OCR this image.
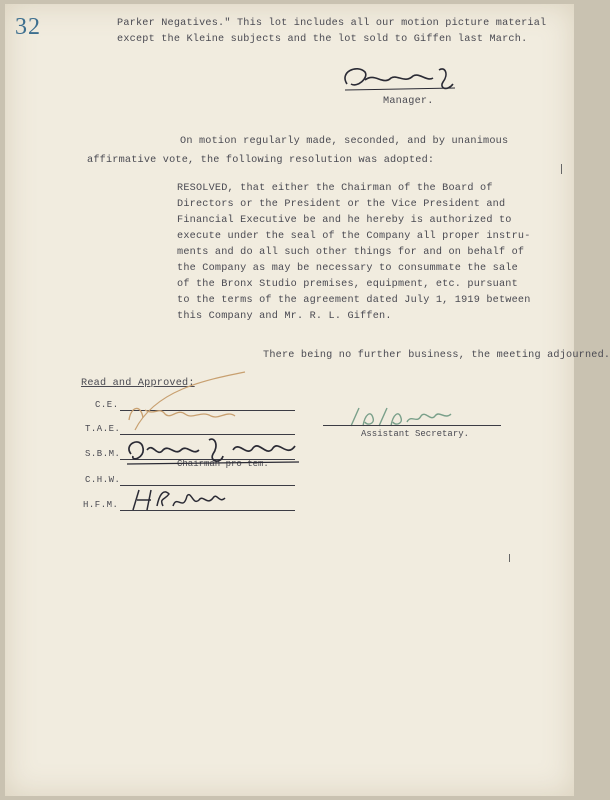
32	Parker Negatives." This lot includes all our motion picture material
except the Kleine subjects and the lot sold to Giffen last March.
Manager.
On motion regularly made, seconded, and by unanimous
affirmative vote, the following resolution was adopted:
RESOLVED, that either the Chairman of the Board of
Directors or the President or the Vice President and
Financial Executive be and he hereby is authorized to
execute under the seal of the Company all proper instru-
ments and do all such other things for and on behalf of
the Company as may be necessary to consummate the sale
of the Bronx Studio premises, equipment, etc. pursuant
to the terms of the agreement dated July 1, 1919 between
this Company and Mr. R. L. Giffen.
There being no further business, the meeting adjourned.
Read and Approved:
C.E.
T.A.E.
S.B.M.
Chairman pro tem.
C.H.W.
H.F.M.
Assistant Secretary.
